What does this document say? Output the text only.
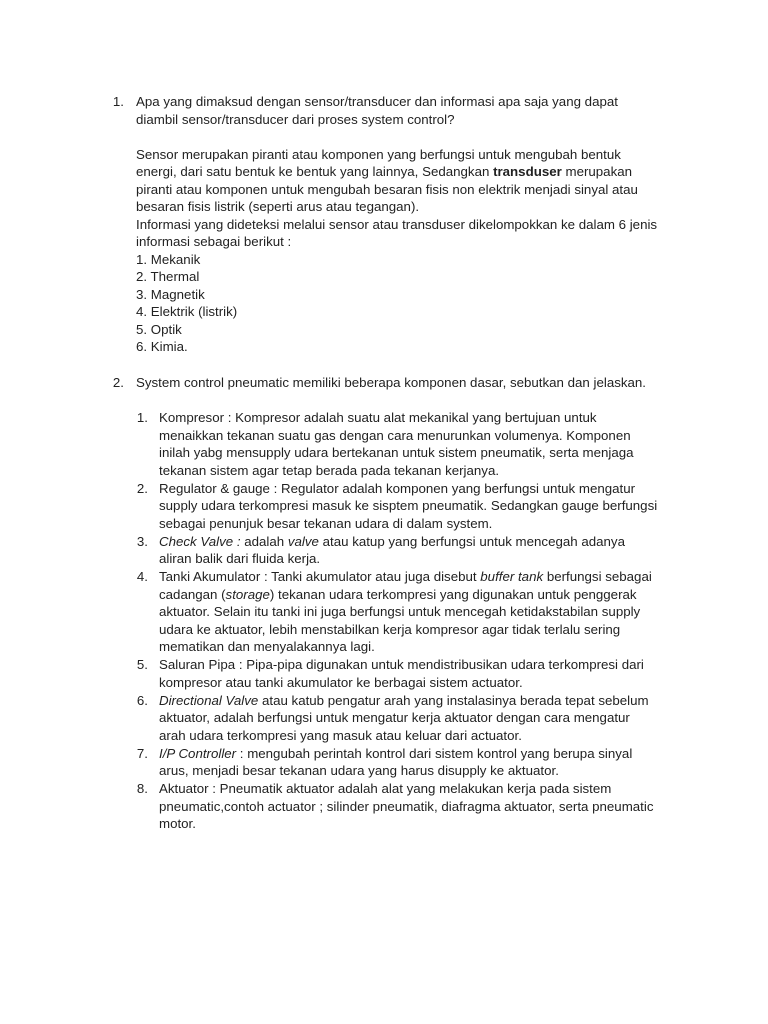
1. Apa yang dimaksud dengan sensor/transducer dan informasi apa saja yang dapat
diambil sensor/transducer dari proses system control?
Sensor merupakan piranti atau komponen yang berfungsi untuk mengubah bentuk
energi, dari satu bentuk ke bentuk yang lainnya, Sedangkan transduser merupakan
piranti atau komponen untuk mengubah besaran fisis non elektrik menjadi sinyal atau
besaran fisis listrik (seperti arus atau tegangan).
Informasi yang dideteksi melalui sensor atau transduser dikelompokkan ke dalam 6 jenis
informasi sebagai berikut :
1. Mekanik
2. Thermal
3. Magnetik
4. Elektrik (listrik)
5. Optik
6. Kimia.
2. System control pneumatic memiliki beberapa komponen dasar, sebutkan dan jelaskan.
1. Kompresor : Kompresor adalah suatu alat mekanikal yang bertujuan untuk
menaikkan tekanan suatu gas dengan cara menurunkan volumenya. Komponen
inilah yabg mensupply udara bertekanan untuk sistem pneumatik, serta menjaga
tekanan sistem agar tetap berada pada tekanan kerjanya.
2. Regulator & gauge : Regulator adalah komponen yang berfungsi untuk mengatur
supply udara terkompresi masuk ke sisptem pneumatik. Sedangkan gauge berfungsi
sebagai penunjuk besar tekanan udara di dalam system.
3. Check Valve : adalah valve atau katup yang berfungsi untuk mencegah adanya
aliran balik dari fluida kerja.
4. Tanki Akumulator : Tanki akumulator atau juga disebut buffer tank berfungsi sebagai
cadangan (storage) tekanan udara terkompresi yang digunakan untuk penggerak
aktuator. Selain itu tanki ini juga berfungsi untuk mencegah ketidakstabilan supply
udara ke aktuator, lebih menstabilkan kerja kompresor agar tidak terlalu sering
mematikan dan menyalakannya lagi.
5. Saluran Pipa : Pipa-pipa digunakan untuk mendistribusikan udara terkompresi dari
kompresor atau tanki akumulator ke berbagai sistem actuator.
6. Directional Valve atau katub pengatur arah yang instalasinya berada tepat sebelum
aktuator, adalah berfungsi untuk mengatur kerja aktuator dengan cara mengatur
arah udara terkompresi yang masuk atau keluar dari actuator.
7. I/P Controller : mengubah perintah kontrol dari sistem kontrol yang berupa sinyal
arus, menjadi besar tekanan udara yang harus disupply ke aktuator.
8. Aktuator : Pneumatik aktuator adalah alat yang melakukan kerja pada sistem
pneumatic,contoh actuator ; silinder pneumatik, diafragma aktuator, serta pneumatic
motor.
